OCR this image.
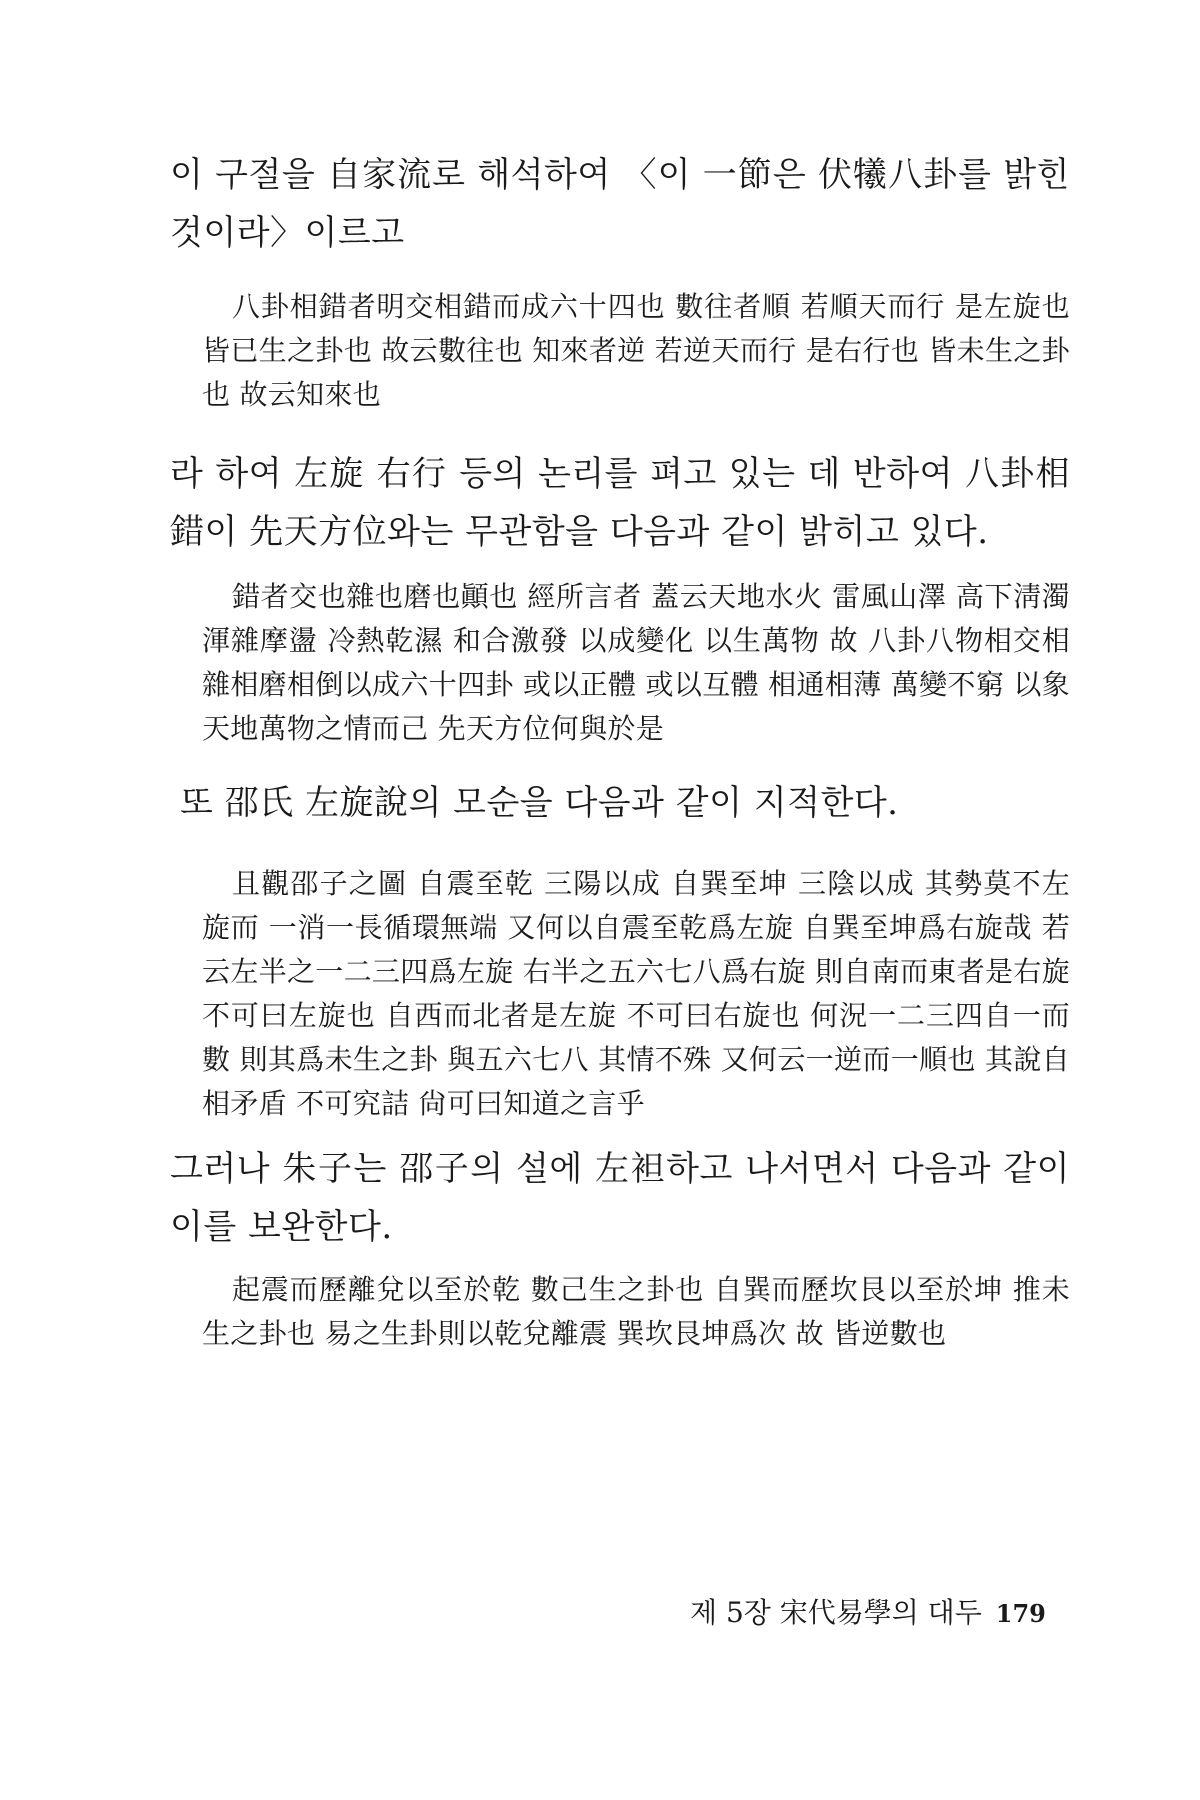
이 구절을 自家流로 해석하여 〈이 一節은 伏犧八卦를 밝힌 것이라〉이르고
八卦相錯者明交相錯而成六十四也 數往者順 若順天而行 是左旋也 皆已生之卦也 故云數往也 知來者逆 若逆天而行 是右行也 皆未生之卦也 故云知來也
라 하여 左旋 右行 등의 논리를 펴고 있는 데 반하여 八卦相錯이 先天方位와는 무관함을 다음과 같이 밝히고 있다.
錯者交也雜也磨也顚也 經所言者 蓋云天地水火 雷風山澤 高下淸濁 渾雜摩盪 冷熱乾濕 和合激發 以成變化 以生萬物 故 八卦八物相交相雜相磨相倒以成六十四卦 或以正體 或以互體 相通相薄 萬變不窮 以象天地萬物之情而己 先天方位何與於是
또 邵氏 左旋說의 모순을 다음과 같이 지적한다.
且觀邵子之圖 自震至乾 三陽以成 自巽至坤 三陰以成 其勢莫不左旋而 一消一長循環無端 又何以自震至乾爲左旋 自巽至坤爲右旋哉 若云左半之一二三四爲左旋 右半之五六七八爲右旋 則自南而東者是右旋 不可曰左旋也 自西而北者是左旋 不可曰右旋也 何況一二三四自一而數 則其爲未生之卦 與五六七八 其情不殊 又何云一逆而一順也 其說自相矛盾 不可究詰 尙可曰知道之言乎
그러나 朱子는 邵子의 설에 左袒하고 나서면서 다음과 같이 이를 보완한다.
起震而歷離兌以至於乾 數己生之卦也 自巽而歷坎艮以至於坤 推未生之卦也 易之生卦則以乾兌離震 巽坎艮坤爲次 故 皆逆數也
제 5장 宋代易學의 대두 179
